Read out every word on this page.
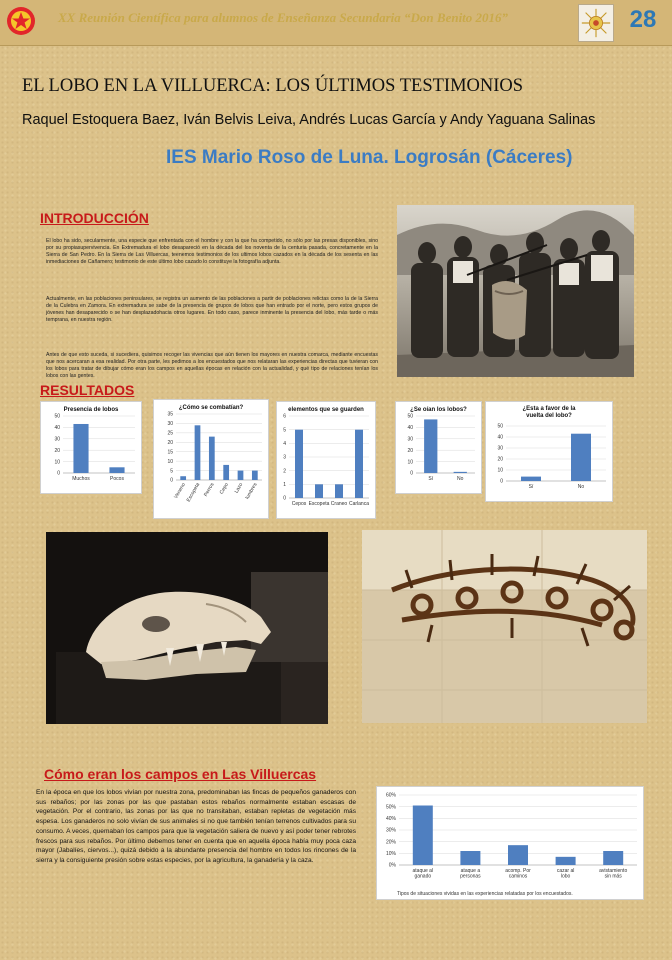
XX Reunión Científica para alumnos de Enseñanza Secundaria “Don Benito 2016”	28
EL LOBO EN LA VILLUERCA: LOS ÚLTIMOS TESTIMONIOS
Raquel Estoquera Baez, Iván Belvis Leiva, Andrés Lucas García y Andy Yaguana Salinas
IES Mario Roso de Luna. Logrosán (Cáceres)
INTRODUCCIÓN

El lobo ha sido, secularmente, una especie que enfrentada con el hombre y con la que ha competido, no sólo por las presas disponibles, sino por su propiasupervivencia. En Extremadura el lobo desapareció en la década del los noventa de la centuria pasada, concretamente en la Sierra de San Pedro. En la Sierra de Las Villuercas, teenemos testimonios de los ultimos lobos cazados en la década de los sesenta en las inmediaciones de Cañamero; testimonio de este último lobo cazado lo constituye la fotografía adjunta.

Actualmente, en las poblaciones peninsulares, se registra un aumento de las poblaciones a partir de poblaciones relictas como la de la Sierra de la Culebra en Zamora. En extremadura se sabe de la presencia de grupos de lobos que han entrado por el norte, pero estos grupos de jóvenes han desaparecido o se han desplazadohacia otros lugares. En todo caso, parece inminente la presencia del lobo, más tarde o más temprana, en nuestra región.

Antes de que esto suceda, si sucediera, quisimos recoger las vivencias que aún tienen los mayores en nuestra comarca, mediante encuestas que nos acercaran a esa realidad. Por otra parte, les pedimos a los encuestados que nos relataran las experiencias directas que tuvieran con los lobos para tratar de dibujar cómo eran los campos en aquellas épocas en relación con la actualidad, y qué tipo de relaciones tenían los lobos con las gentes.

RESULTADOS
Presencia de lobos
0
10
20
30
40
50
Muchos	Pocos
¿Cómo se combatían?
0
5
10
15
20
25
30
35
Veneno
Escopeta Perros Cepo Lazo lumbres
elementos que se guarden
0
1
2
3
4
5
6
Cepos Escopeta Craneo Carlanca
¿Se oían los lobos?
0
10
20
30
40
50
Sí	No
¿Esta a favor de la
vuelta del lobo?
0
10
20
30
40
50
Sí	No
Cómo eran los campos en Las Villuercas

En la época en que los lobos vivían por nuestra zona, predominaban las fincas de pequeños ganaderos con sus rebaños; por las zonas por las que pastaban estos rebaños normalmente estaban escasas de vegetación. Por el contrario, las zonas por las que no transitaban, estaban repletas de vegetación más espesa. Los ganaderos no solo vivían de sus animales si no que también tenían terrenos cultivados para su consumo. A veces, quemaban los campos para que la vegetación saliera de nuevo y así poder tener rebrotes frescos para sus rebaños. Por último debemos tener en cuenta que en aquella época había muy poca caza mayor (Jabalíes, ciervos...), quizá debido a la abundante presencia del hombre en todos los rincones de la sierra y la consiguiente presión sobre estas especies, por la agricultura, la ganadería y la caza.

0%
10%
20%
30%
40%
50%
60%
ataque al ganado
ataque a personas
acomp. Por caminos
cazar al lobo
avistamiento sin más
Tipos de situaciones vividas en las experiencias relatadas por los encuestados.
